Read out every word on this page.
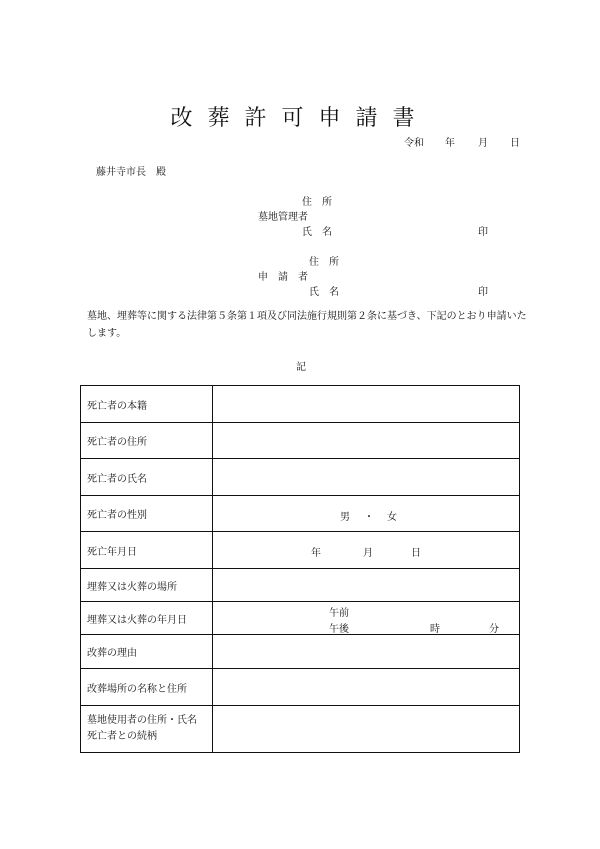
改葬許可申請書
令和 年 月 日
藤井寺市長　殿
住　所
墓地管理者
氏　名	印
住　所
申　請　者
氏　名	印
墓地、埋葬等に関する法律第５条第１項及び同法施行規則第２条に基づき、下記のとおり申請いたします。
記
死亡者の本籍	
死亡者の住所	
死亡者の氏名	
死亡者の性別	男 ・ 女

死亡年月日	年 月 日

埋葬又は火葬の場所	
埋葬又は火葬の年月日	午前
午後 時 分

改葬の理由	
改葬場所の名称と住所	

墓地使用者の住所・氏名
死亡者との続柄	
